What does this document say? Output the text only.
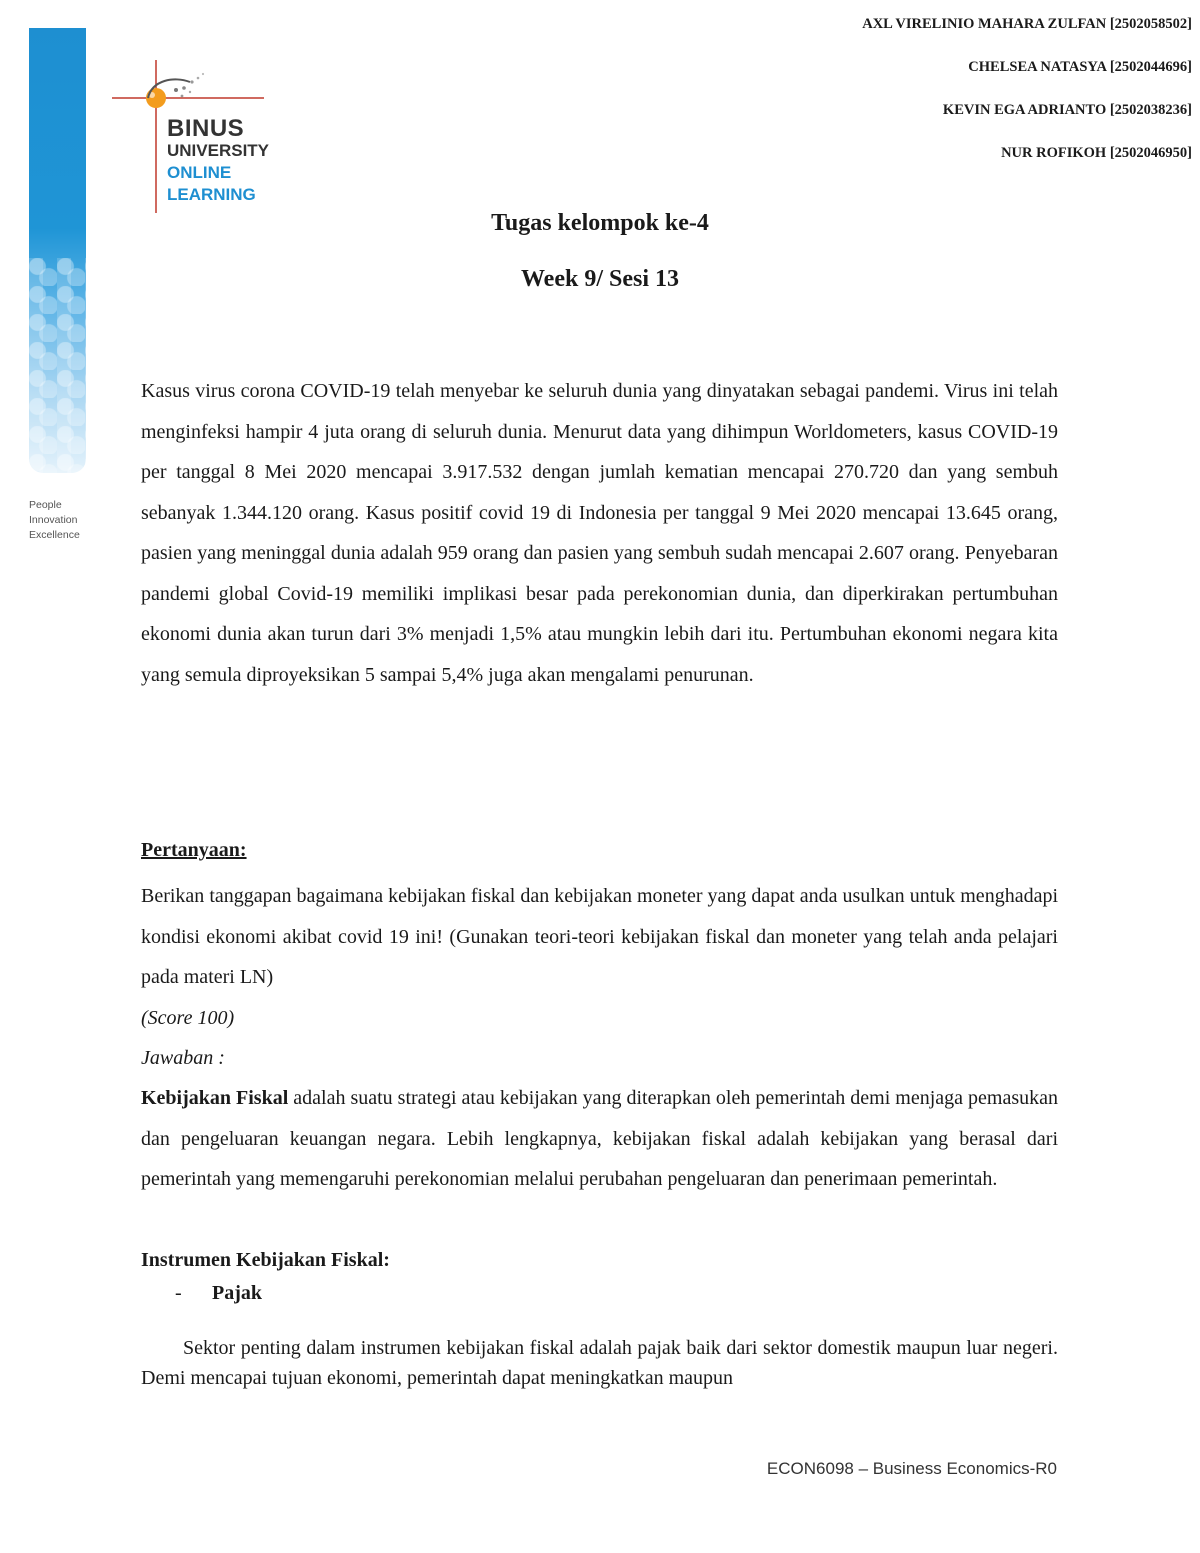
People
Innovation
Excellence
BINUS
UNIVERSITY
ONLINE
LEARNING
AXL VIRELINIO MAHARA ZULFAN [2502058502]
CHELSEA NATASYA [2502044696]
KEVIN EGA ADRIANTO [2502038236]
NUR ROFIKOH [2502046950]
Tugas kelompok ke-4
Week 9/ Sesi 13
Kasus virus corona COVID-19 telah menyebar ke seluruh dunia yang dinyatakan sebagai pandemi. Virus ini telah menginfeksi hampir 4 juta orang di seluruh dunia. Menurut data yang dihimpun Worldometers, kasus COVID-19 per tanggal 8 Mei 2020 mencapai 3.917.532 dengan jumlah kematian mencapai 270.720 dan yang sembuh sebanyak 1.344.120 orang. Kasus positif covid 19 di Indonesia per tanggal 9 Mei 2020 mencapai 13.645 orang, pasien yang meninggal dunia adalah 959 orang dan pasien yang sembuh sudah mencapai 2.607 orang. Penyebaran pandemi global Covid-19 memiliki implikasi besar pada perekonomian dunia, dan diperkirakan pertumbuhan ekonomi dunia akan turun dari 3% menjadi 1,5% atau mungkin lebih dari itu. Pertumbuhan ekonomi negara kita yang semula diproyeksikan 5 sampai 5,4% juga akan mengalami penurunan.
Pertanyaan:
Berikan tanggapan bagaimana kebijakan fiskal dan kebijakan moneter yang dapat anda usulkan untuk menghadapi kondisi ekonomi akibat covid 19 ini! (Gunakan teori-teori kebijakan fiskal dan moneter yang telah anda pelajari pada materi LN)
(Score 100)
Jawaban :
Kebijakan Fiskal adalah suatu strategi atau kebijakan yang diterapkan oleh pemerintah demi menjaga pemasukan dan pengeluaran keuangan negara. Lebih lengkapnya, kebijakan fiskal adalah kebijakan yang berasal dari pemerintah yang memengaruhi perekonomian melalui perubahan pengeluaran dan penerimaan pemerintah.
Instrumen Kebijakan Fiskal:
- Pajak
Sektor penting dalam instrumen kebijakan fiskal adalah pajak baik dari sektor domestik maupun luar negeri. Demi mencapai tujuan ekonomi, pemerintah dapat meningkatkan maupun
ECON6098 – Business Economics-R0
